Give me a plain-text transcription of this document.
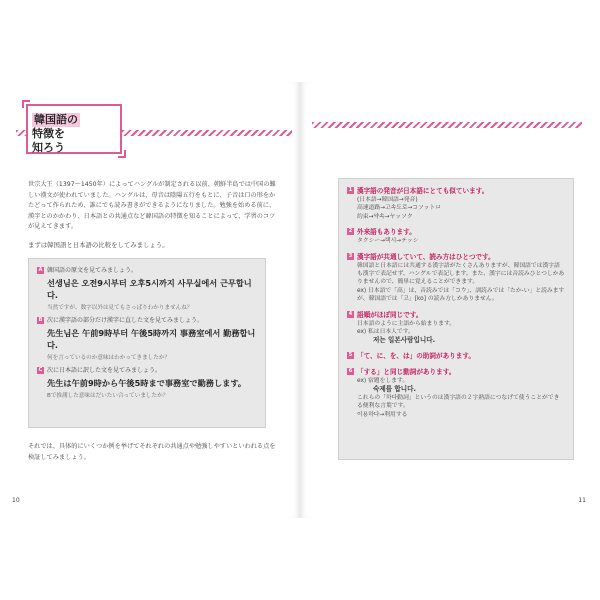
韓国語の
特徴を
知ろう
世宗大王（1397～1450年）によってハングルが制定される以前、朝鮮半島では中国の難しい漢文が使われていました。ハングルは、母音は陰陽五行をもとに、子音は口の形をかたどって作られため、誰にでも読み書きができるようになりました。勉強を始める前に、漢字とのかかわり、日本語との共通点など韓国語の特徴を知ることによって、学習のコツが見えてきます。
まずは韓国語と日本語の比較をしてみましょう。
A 韓国語の原文を見てみましょう。
선생님은 오전9시부터 오후5시까지 사무실에서 근무합니다.
当然ですが、数字以外は見てもさっぱりわかりませんね？
B 次に漢字語の部分だけ漢字に直した文を見てみましょう。
先生님은 午前9時부터 午後5時까지 事務室에서 勤務합니다.
何を言っているのか意味はわかってきましたか？
C 次に日本語に訳した文を見てみましょう。
先生は午前9時から午後5時まで事務室で勤務します。
Bで推測した意味はだいたい合っていましたか？
それでは、具体的にいくつか例を挙げてそれぞれの共通点や勉強しやすいといわれる点を検証してみましょう。
10
1 漢字語の発音が日本語にとても似ています。
(日本語→韓国語→発音)
高速道路→고속도로→コソットロ
約束→약속→ヤッソク
2 外来語もあります。
タクシー→택시→テッシ
3 漢字語が共通していて、読み方はひとつです。
韓国語と日本語には共通する漢字語がたくさんありますが、韓国語では漢字語も漢字で表記せず、ハングルで表記します。また、漢字には音読みひとつしかありませんので、簡単に覚えることができます。
ex) 日本語で「高」は、音読みでは「コウ」、訓読みでは「たか-い」と読みますが、韓国語では「고」[ko] の読み方しかありません。
4 語順がほぼ同じです。
日本語のように主語から始まります。
ex) 私は日本人です。
저는 일본사람입니다.
5 「て、に、を、は」の助詞があります。
6 「する」と同じ動詞があります。
ex) 宿題をします。
숙제를 합니다.
これらの「하다動詞」というのは漢字語の２字熟語につなげて使うことができる便利な言葉です。
이용하다→利用する
11
